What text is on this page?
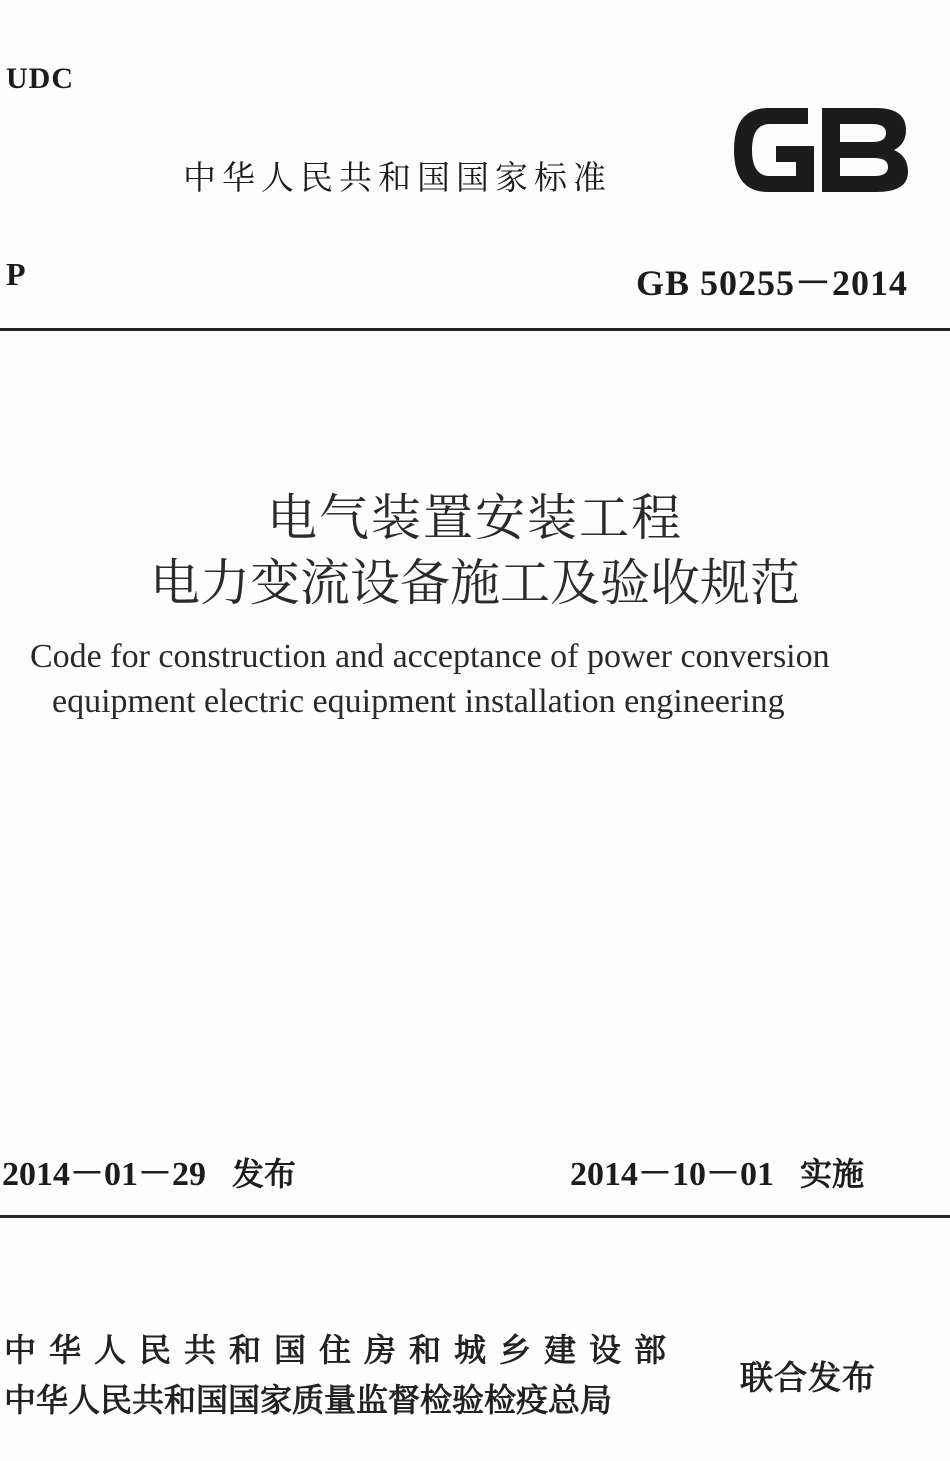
UDC
中华人民共和国国家标准
GB
P	GB 50255－2014
电气装置安装工程
电力变流设备施工及验收规范
Code for construction and acceptance of power conversion
equipment electric equipment installation engineering
2014－01－29 发布	2014－10－01 实施
中华人民共和国住房和城乡建设部
中华人民共和国国家质量监督检验检疫总局
联合发布
